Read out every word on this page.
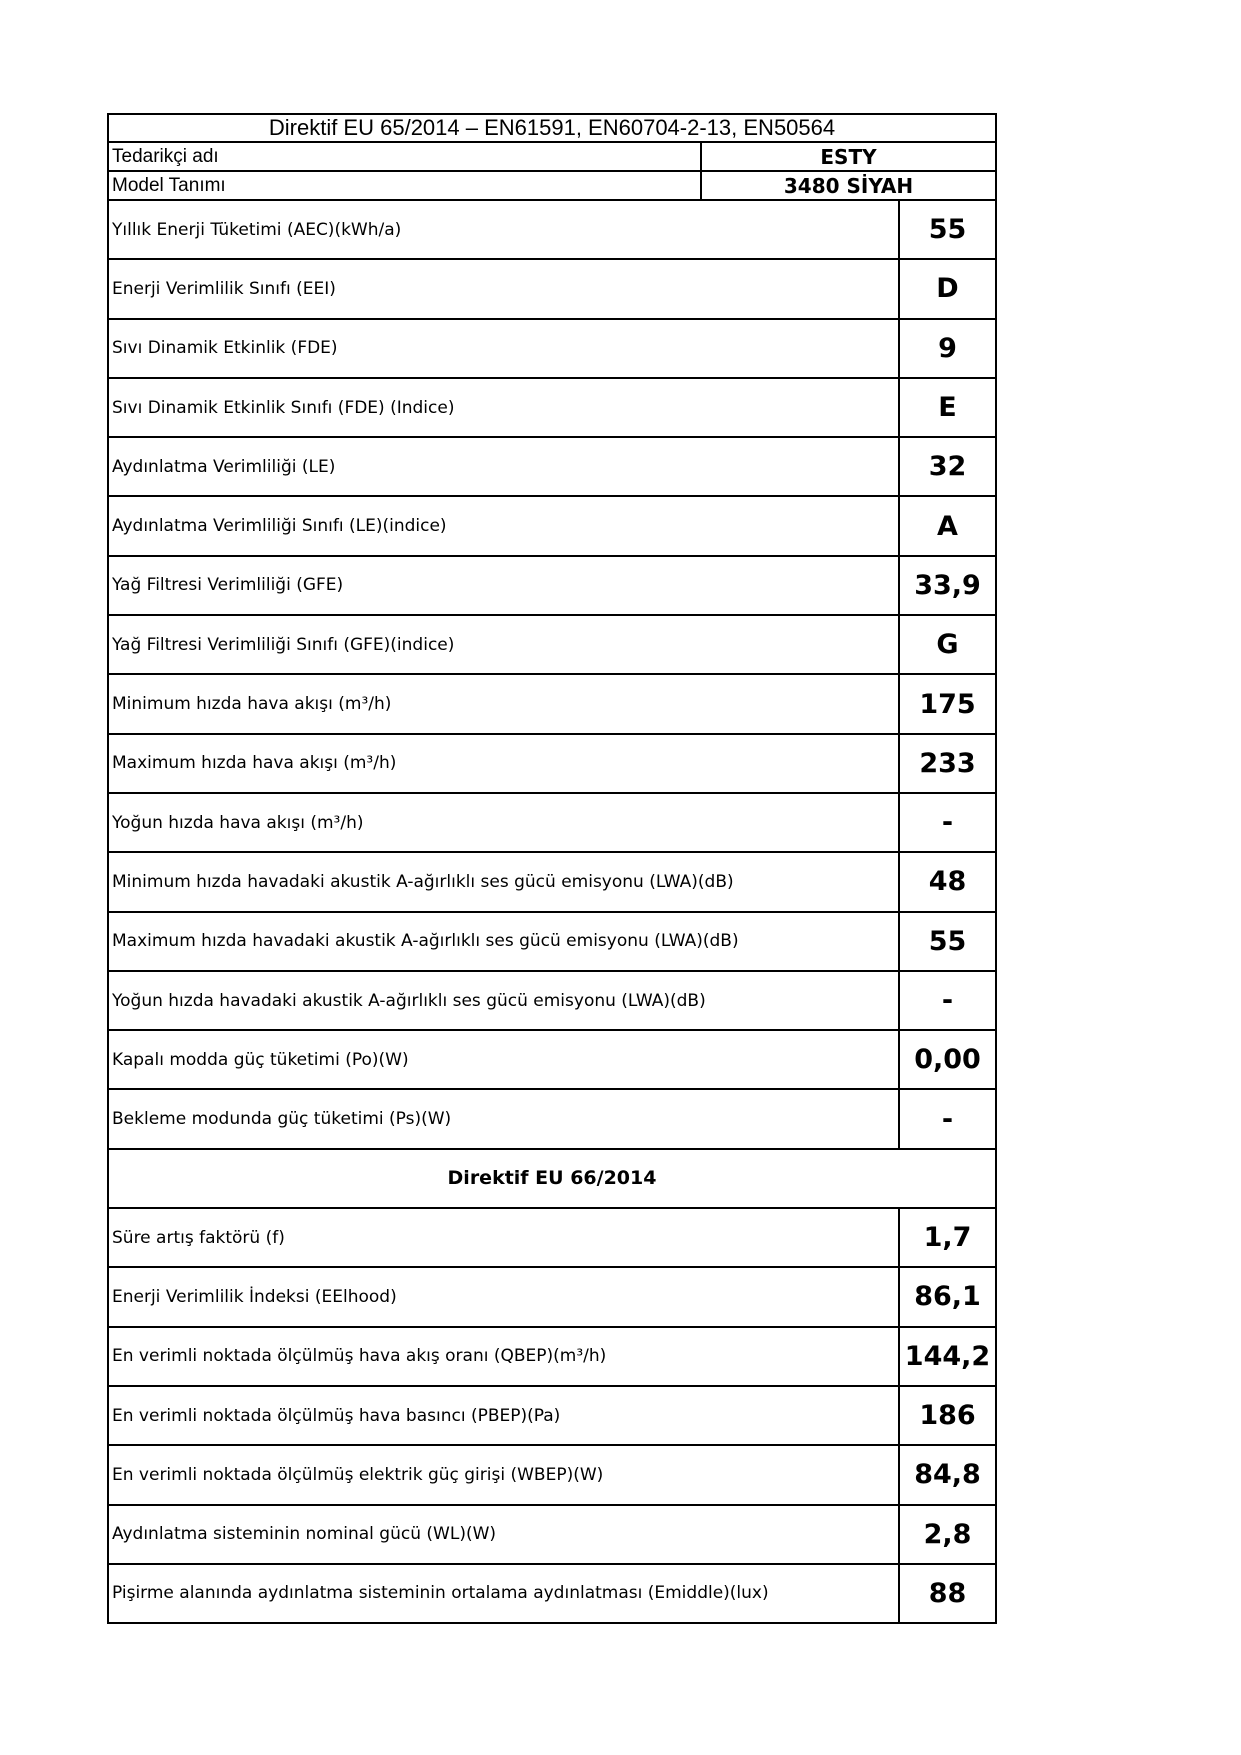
Direktif EU 65/2014 – EN61591, EN60704-2-13, EN50564
Tedarikçi adı	ESTY
Model Tanımı	3480 SİYAH
Yıllık Enerji Tüketimi (AEC)(kWh/a)	55
Enerji Verimlilik Sınıfı (EEI)	D
Sıvı Dinamik Etkinlik (FDE)	9
Sıvı Dinamik Etkinlik Sınıfı (FDE) (Indice)	E
Aydınlatma Verimliliği (LE)	32
Aydınlatma Verimliliği Sınıfı (LE)(indice)	A
Yağ Filtresi Verimliliği (GFE)	33,9
Yağ Filtresi Verimliliği Sınıfı (GFE)(indice)	G
Minimum hızda hava akışı (m³/h)	175
Maximum hızda hava akışı (m³/h)	233
Yoğun hızda hava akışı (m³/h)	-
Minimum hızda havadaki akustik A-ağırlıklı ses gücü emisyonu (LWA)(dB)	48
Maximum hızda havadaki akustik A-ağırlıklı ses gücü emisyonu (LWA)(dB)	55
Yoğun hızda havadaki akustik A-ağırlıklı ses gücü emisyonu (LWA)(dB)	-
Kapalı modda güç tüketimi (Po)(W)	0,00
Bekleme modunda güç tüketimi (Ps)(W)	-
Direktif EU 66/2014
Süre artış faktörü (f)	1,7
Enerji Verimlilik İndeksi (EElhood)	86,1
En verimli noktada ölçülmüş hava akış oranı (QBEP)(m³/h)	144,2
En verimli noktada ölçülmüş hava basıncı (PBEP)(Pa)	186
En verimli noktada ölçülmüş elektrik güç girişi (WBEP)(W)	84,8
Aydınlatma sisteminin nominal gücü (WL)(W)	2,8
Pişirme alanında aydınlatma sisteminin ortalama aydınlatması (Emiddle)(lux)	88
